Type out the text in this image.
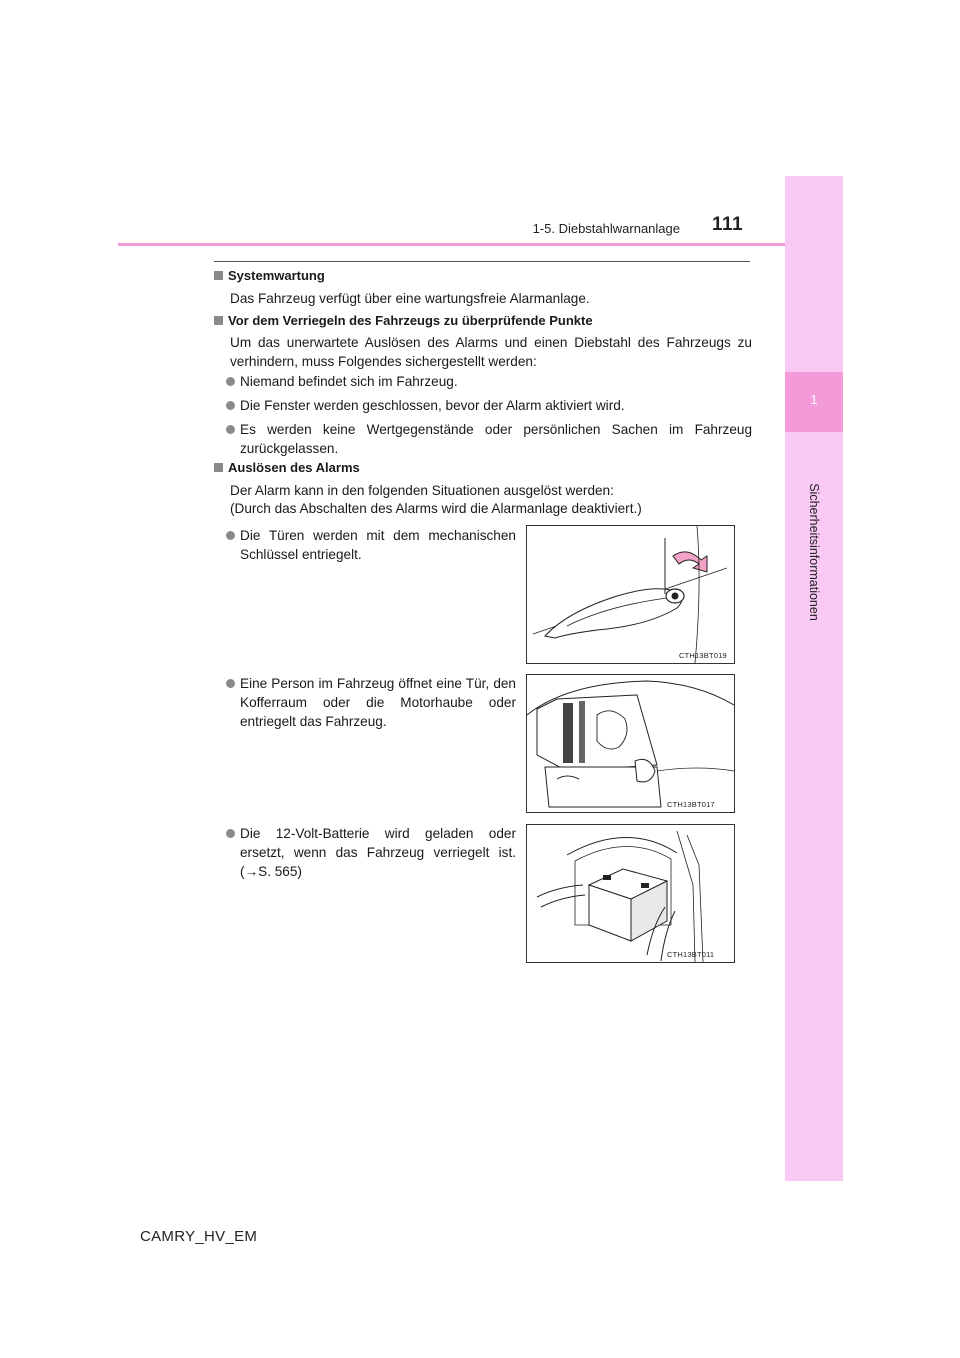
1
Sicherheitsinformationen
1-5. Diebstahlwarnanlage 111
Systemwartung
Das Fahrzeug verfügt über eine wartungsfreie Alarmanlage.
Vor dem Verriegeln des Fahrzeugs zu überprüfende Punkte
Um das unerwartete Auslösen des Alarms und einen Diebstahl des Fahrzeugs zu verhindern, muss Folgendes sichergestellt werden:
Niemand befindet sich im Fahrzeug.
Die Fenster werden geschlossen, bevor der Alarm aktiviert wird.
Es werden keine Wertgegenstände oder persönlichen Sachen im Fahrzeug zurückgelassen.
Auslösen des Alarms
Der Alarm kann in den folgenden Situationen ausgelöst werden:
(Durch das Abschalten des Alarms wird die Alarmanlage deaktiviert.)
Die Türen werden mit dem mechanischen Schlüssel entriegelt.
Eine Person im Fahrzeug öffnet eine Tür, den Kofferraum oder die Motorhaube oder entriegelt das Fahrzeug.
Die 12-Volt-Batterie wird geladen oder ersetzt, wenn das Fahrzeug verriegelt ist. (→S. 565)
CTH13BT019
CTH13BT017
CTH13BT011
CAMRY_HV_EM
